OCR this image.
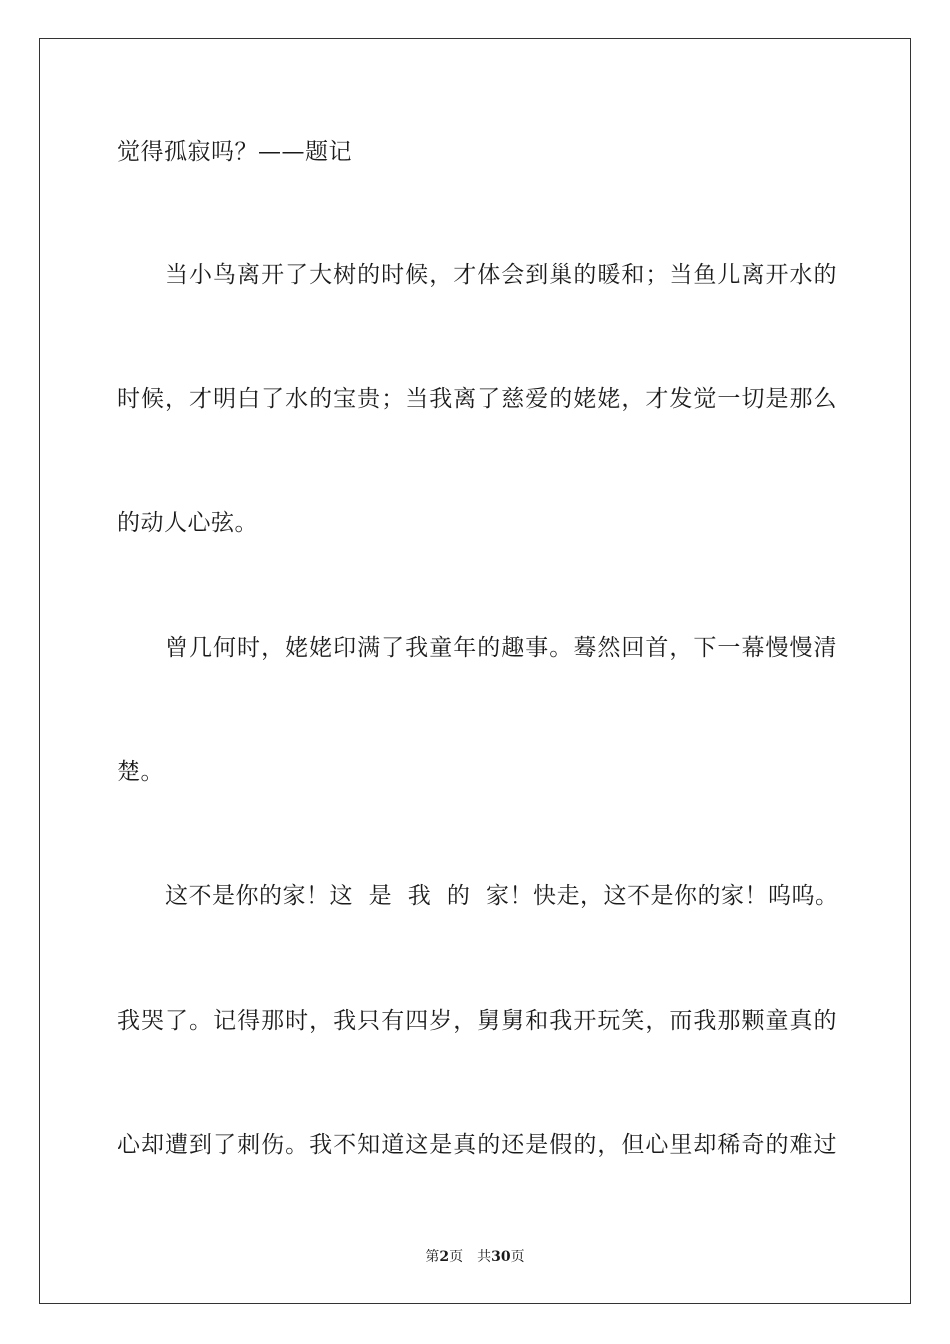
觉得孤寂吗？——题记
当小鸟离开了大树的时候，才体会到巢的暖和；当鱼儿离开水的
时候，才明白了水的宝贵；当我离了慈爱的姥姥，才发觉一切是那么
的动人心弦。
曾几何时，姥姥印满了我童年的趣事。蓦然回首，下一幕慢慢清
楚。
这不是你的家！这  是  我  的  家！快走，这不是你的家！呜呜。
我哭了。记得那时，我只有四岁，舅舅和我开玩笑，而我那颗童真的
心却遭到了刺伤。我不知道这是真的还是假的，但心里却稀奇的难过
第2页 共30页
